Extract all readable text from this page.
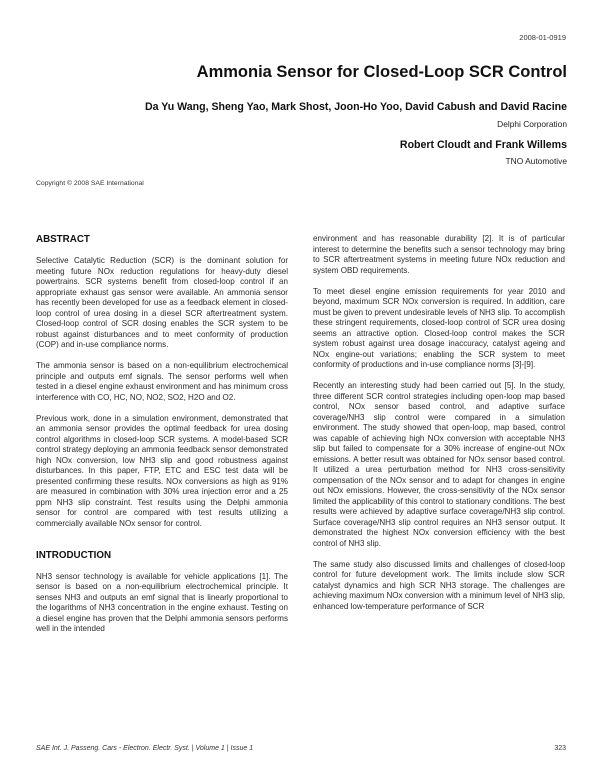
2008-01-0919
Ammonia Sensor for Closed-Loop SCR Control
Da Yu Wang, Sheng Yao, Mark Shost, Joon-Ho Yoo, David Cabush and David Racine
Delphi Corporation
Robert Cloudt and Frank Willems
TNO Automotive
Copyright © 2008 SAE International
ABSTRACT

Selective Catalytic Reduction (SCR) is the dominant solution for meeting future NOx reduction regulations for heavy-duty diesel powertrains. SCR systems benefit from closed-loop control if an appropriate exhaust gas sensor were available. An ammonia sensor has recently been developed for use as a feedback element in closed-loop control of urea dosing in a diesel SCR aftertreatment system. Closed-loop control of SCR dosing enables the SCR system to be robust against disturbances and to meet conformity of production (COP) and in-use compliance norms.

The ammonia sensor is based on a non-equilibrium electrochemical principle and outputs emf signals. The sensor performs well when tested in a diesel engine exhaust environment and has minimum cross interference with CO, HC, NO, NO2, SO2, H2O and O2.

Previous work, done in a simulation environment, demonstrated that an ammonia sensor provides the optimal feedback for urea dosing control algorithms in closed-loop SCR systems. A model-based SCR control strategy deploying an ammonia feedback sensor demonstrated high NOx conversion, low NH3 slip and good robustness against disturbances. In this paper, FTP, ETC and ESC test data will be presented confirming these results. NOx conversions as high as 91% are measured in combination with 30% urea injection error and a 25 ppm NH3 slip constraint. Test results using the Delphi ammonia sensor for control are compared with test results utilizing a commercially available NOx sensor for control.

INTRODUCTION

NH3 sensor technology is available for vehicle applications [1]. The sensor is based on a non-equilibrium electrochemical principle. It senses NH3 and outputs an emf signal that is linearly proportional to the logarithms of NH3 concentration in the engine exhaust. Testing on a diesel engine has proven that the Delphi ammonia sensors performs well in the intended

environment and has reasonable durability [2]. It is of particular interest to determine the benefits such a sensor technology may bring to SCR aftertreatment systems in meeting future NOx reduction and system OBD requirements.

To meet diesel engine emission requirements for year 2010 and beyond, maximum SCR NOx conversion is required. In addition, care must be given to prevent undesirable levels of NH3 slip. To accomplish these stringent requirements, closed-loop control of SCR urea dosing seems an attractive option. Closed-loop control makes the SCR system robust against urea dosage inaccuracy, catalyst ageing and NOx engine-out variations; enabling the SCR system to meet conformity of productions and in-use compliance norms [3]-[9].

Recently an interesting study had been carried out [5]. In the study, three different SCR control strategies including open-loop map based control, NOx sensor based control, and adaptive surface coverage/NH3 slip control were compared in a simulation environment. The study showed that open-loop, map based, control was capable of achieving high NOx conversion with acceptable NH3 slip but failed to compensate for a 30% increase of engine-out NOx emissions. A better result was obtained for NOx sensor based control. It utilized a urea perturbation method for NH3 cross-sensitivity compensation of the NOx sensor and to adapt for changes in engine out NOx emissions. However, the cross-sensitivity of the NOx sensor limited the applicability of this control to stationary conditions. The best results were achieved by adaptive surface coverage/NH3 slip control. Surface coverage/NH3 slip control requires an NH3 sensor output. It demonstrated the highest NOx conversion efficiency with the best control of NH3 slip.

The same study also discussed limits and challenges of closed-loop control for future development work. The limits include slow SCR catalyst dynamics and high SCR NH3 storage. The challenges are achieving maximum NOx conversion with a minimum level of NH3 slip, enhanced low-temperature performance of SCR

SAE Int. J. Passeng. Cars - Electron. Electr. Syst. | Volume 1 | Issue 1	323
